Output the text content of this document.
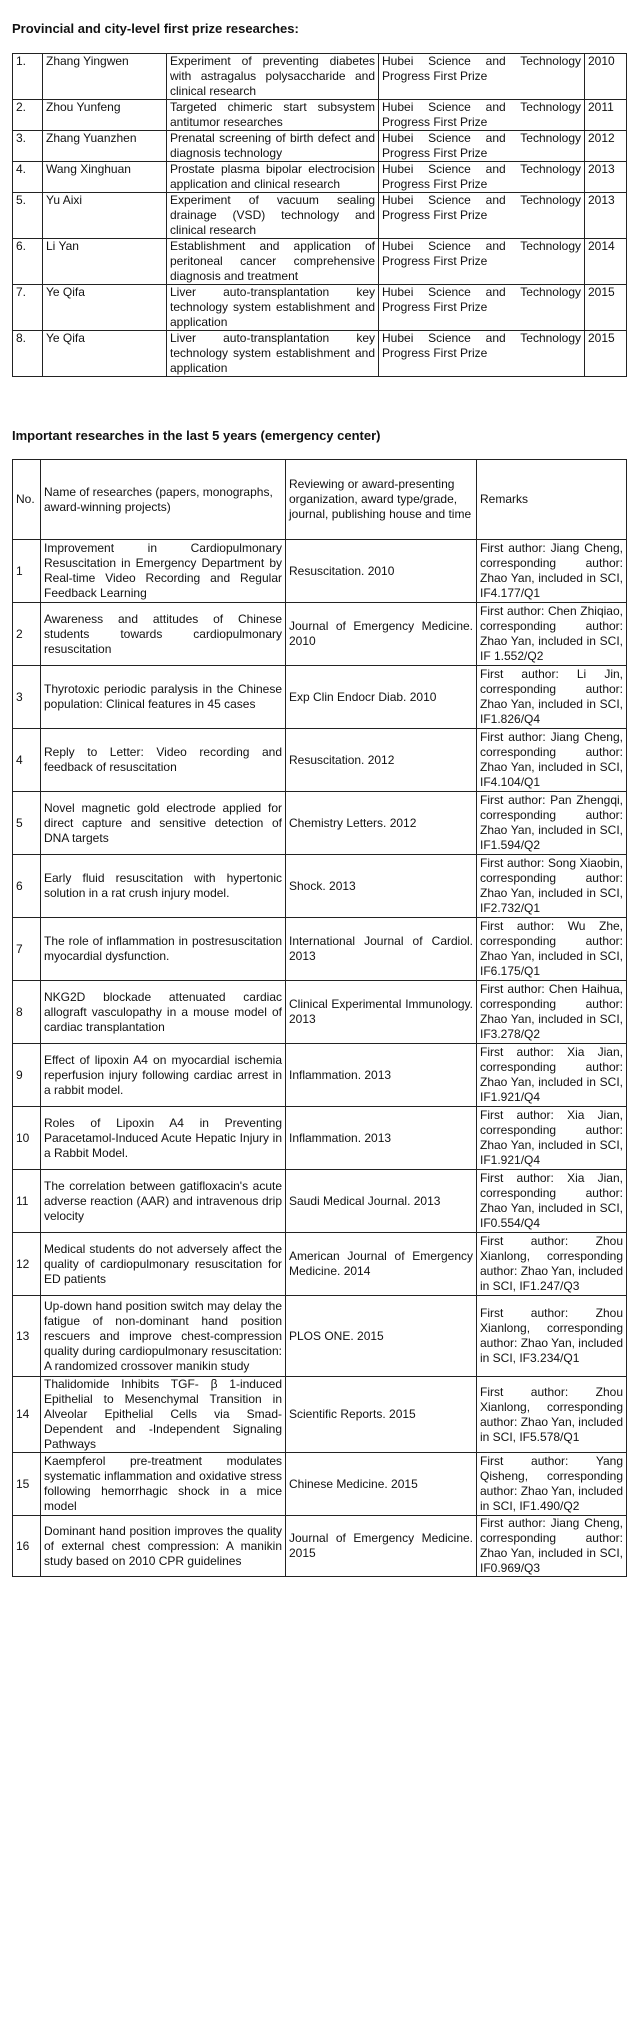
Provincial and city-level first prize researches:
1.	Zhang Yingwen	Experiment of preventing diabetes with astragalus polysaccharide and clinical research	Hubei Science and Technology Progress First Prize	2010
2.	Zhou Yunfeng	Targeted chimeric start subsystem antitumor researches	Hubei Science and Technology Progress First Prize	2011
3.	Zhang Yuanzhen	Prenatal screening of birth defect and diagnosis technology	Hubei Science and Technology Progress First Prize	2012
4.	Wang Xinghuan	Prostate plasma bipolar electrocision application and clinical research	Hubei Science and Technology Progress First Prize	2013
5.	Yu Aixi	Experiment of vacuum sealing drainage (VSD) technology and clinical research	Hubei Science and Technology Progress First Prize	2013
6.	Li Yan	Establishment and application of peritoneal cancer comprehensive diagnosis and treatment	Hubei Science and Technology Progress First Prize	2014
7.	Ye Qifa	Liver auto-transplantation key technology system establishment and application	Hubei Science and Technology Progress First Prize	2015
8.	Ye Qifa	Liver auto-transplantation key technology system establishment and application	Hubei Science and Technology Progress First Prize	2015
Important researches in the last 5 years (emergency center)
No.	Name of researches (papers, monographs, award-winning projects)	Reviewing or award-presenting organization, award type/grade, journal, publishing house and time	Remarks
1	Improvement in Cardiopulmonary Resuscitation in Emergency Department by Real-time Video Recording and Regular Feedback Learning	Resuscitation. 2010	First author: Jiang Cheng, corresponding author: Zhao Yan, included in SCI, IF4.177/Q1
2	Awareness and attitudes of Chinese students towards cardiopulmonary resuscitation	Journal of Emergency Medicine. 2010	First author: Chen Zhiqiao, corresponding author: Zhao Yan, included in SCI, IF 1.552/Q2
3	Thyrotoxic periodic paralysis in the Chinese population: Clinical features in 45 cases	Exp Clin Endocr Diab. 2010	First author: Li Jin, corresponding author: Zhao Yan, included in SCI, IF1.826/Q4
4	Reply to Letter: Video recording and feedback of resuscitation	Resuscitation. 2012	First author: Jiang Cheng, corresponding author: Zhao Yan, included in SCI, IF4.104/Q1
5	Novel magnetic gold electrode applied for direct capture and sensitive detection of DNA targets	Chemistry Letters. 2012	First author: Pan Zhengqi, corresponding author: Zhao Yan, included in SCI, IF1.594/Q2
6	Early fluid resuscitation with hypertonic solution in a rat crush injury model.	Shock. 2013	First author: Song Xiaobin, corresponding author: Zhao Yan, included in SCI, IF2.732/Q1
7	The role of inflammation in postresuscitation myocardial dysfunction.	International Journal of Cardiol. 2013	First author: Wu Zhe, corresponding author: Zhao Yan, included in SCI, IF6.175/Q1
8	NKG2D blockade attenuated cardiac allograft vasculopathy in a mouse model of cardiac transplantation	Clinical Experimental Immunology. 2013	First author: Chen Haihua, corresponding author: Zhao Yan, included in SCI, IF3.278/Q2
9	Effect of lipoxin A4 on myocardial ischemia reperfusion injury following cardiac arrest in a rabbit model.	Inflammation. 2013	First author: Xia Jian, corresponding author: Zhao Yan, included in SCI, IF1.921/Q4
10	Roles of Lipoxin A4 in Preventing Paracetamol-Induced Acute Hepatic Injury in a Rabbit Model.	Inflammation. 2013	First author: Xia Jian, corresponding author: Zhao Yan, included in SCI, IF1.921/Q4
11	The correlation between gatifloxacin's acute adverse reaction (AAR) and intravenous drip velocity	Saudi Medical Journal. 2013	First author: Xia Jian, corresponding author: Zhao Yan, included in SCI, IF0.554/Q4
12	Medical students do not adversely affect the quality of cardiopulmonary resuscitation for ED patients	American Journal of Emergency Medicine. 2014	First author: Zhou Xianlong, corresponding author: Zhao Yan, included in SCI, IF1.247/Q3
13	Up-down hand position switch may delay the fatigue of non-dominant hand position rescuers and improve chest-compression quality during cardiopulmonary resuscitation: A randomized crossover manikin study	PLOS ONE. 2015	First author: Zhou Xianlong, corresponding author: Zhao Yan, included in SCI, IF3.234/Q1
14	Thalidomide Inhibits TGF- β 1-induced Epithelial to Mesenchymal Transition in Alveolar Epithelial Cells via Smad-Dependent and -Independent Signaling Pathways	Scientific Reports. 2015	First author: Zhou Xianlong, corresponding author: Zhao Yan, included in SCI, IF5.578/Q1
15	Kaempferol pre-treatment modulates systematic inflammation and oxidative stress following hemorrhagic shock in a mice model	Chinese Medicine. 2015	First author: Yang Qisheng, corresponding author: Zhao Yan, included in SCI, IF1.490/Q2
16	Dominant hand position improves the quality of external chest compression: A manikin study based on 2010 CPR guidelines	Journal of Emergency Medicine. 2015	First author: Jiang Cheng, corresponding author: Zhao Yan, included in SCI, IF0.969/Q3
